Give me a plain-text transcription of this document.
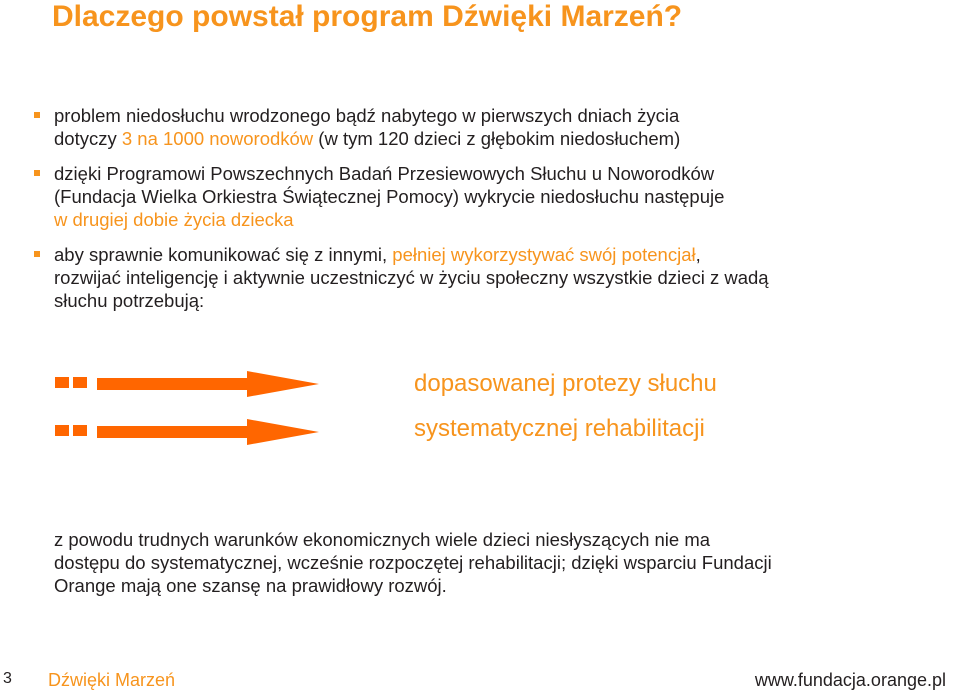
Dlaczego powstał program Dźwięki Marzeń?
problem niedosłuchu wrodzonego bądź nabytego w pierwszych dniach życia
dotyczy 3 na 1000 noworodków (w tym 120 dzieci z głębokim niedosłuchem)
dzięki Programowi Powszechnych Badań Przesiewowych Słuchu u Noworodków
(Fundacja Wielka Orkiestra Świątecznej Pomocy) wykrycie niedosłuchu następuje
w drugiej dobie życia dziecka
aby sprawnie komunikować się z innymi, pełniej wykorzystywać swój potencjał,
rozwijać inteligencję i aktywnie uczestniczyć w życiu społeczny wszystkie dzieci z wadą
słuchu potrzebują:
dopasowanej protezy słuchu
systematycznej rehabilitacji
z powodu trudnych warunków ekonomicznych wiele dzieci niesłyszących nie ma
dostępu do systematycznej, wcześnie rozpoczętej rehabilitacji; dzięki wsparciu Fundacji
Orange mają one szansę na prawidłowy rozwój.
3 Dźwięki Marzeń	www.fundacja.orange.pl
